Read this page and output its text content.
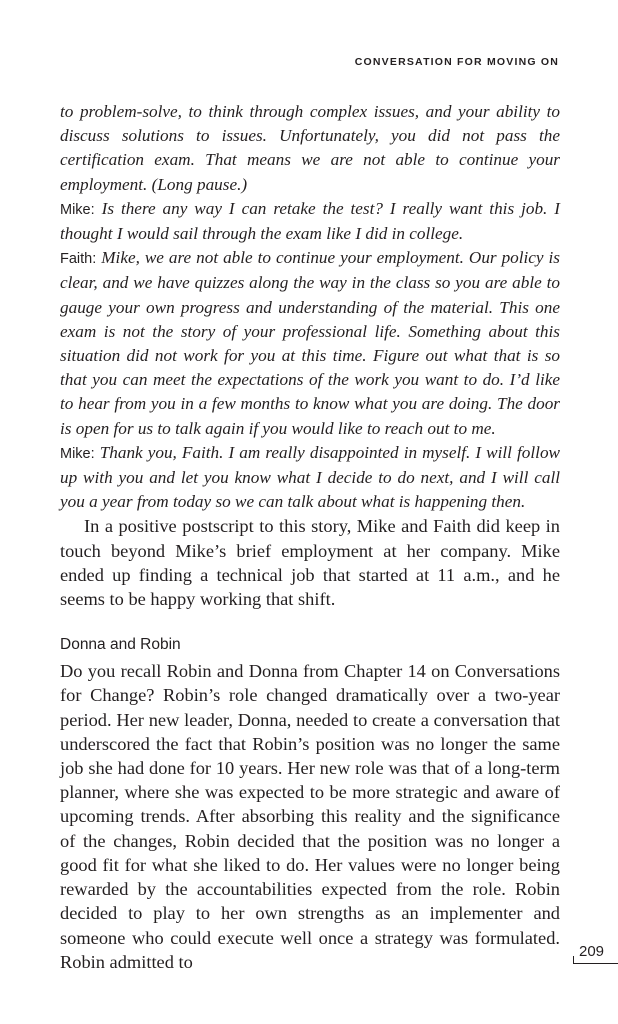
CONVERSATION FOR MOVING ON

to problem-solve, to think through complex issues, and your ability to discuss solutions to issues. Unfortunately, you did not pass the certification exam. That means we are not able to continue your employment. (Long pause.)

Mike: Is there any way I can retake the test? I really want this job. I thought I would sail through the exam like I did in college.

Faith: Mike, we are not able to continue your employment. Our policy is clear, and we have quizzes along the way in the class so you are able to gauge your own progress and understanding of the material. This one exam is not the story of your professional life. Something about this situation did not work for you at this time. Figure out what that is so that you can meet the expectations of the work you want to do. I’d like to hear from you in a few months to know what you are doing. The door is open for us to talk again if you would like to reach out to me.

Mike: Thank you, Faith. I am really disappointed in myself. I will follow up with you and let you know what I decide to do next, and I will call you a year from today so we can talk about what is happening then.

In a positive postscript to this story, Mike and Faith did keep in touch beyond Mike’s brief employment at her company. Mike ended up finding a technical job that started at 11 a.m., and he seems to be happy working that shift.

Donna and Robin

Do you recall Robin and Donna from Chapter 14 on Conversations for Change? Robin’s role changed dramatically over a two-year period. Her new leader, Donna, needed to create a conversation that underscored the fact that Robin’s position was no longer the same job she had done for 10 years. Her new role was that of a long-term planner, where she was expected to be more strategic and aware of upcoming trends. After absorbing this reality and the significance of the changes, Robin decided that the position was no longer a good fit for what she liked to do. Her values were no longer being rewarded by the accountabilities expected from the role. Robin decided to play to her own strengths as an implementer and someone who could execute well once a strategy was formulated. Robin admitted to

209
